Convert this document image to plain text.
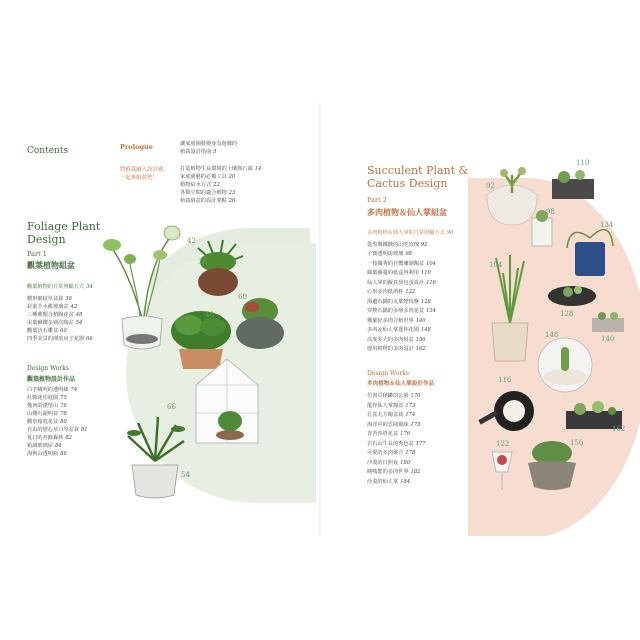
Contents	Prologue	讓家庭園藝變身為遊戲的
植栽設計指南 5
將植栽融入設計感，
一起來組盆吧！
打造植物生長環境的土壤與石頭 14
家庭園藝的必備工具 20
植物給水方式 22
各類空間的適合植物 23
植栽組盆的設計要點 26
Foliage Plant
Design
Part 1
觀葉植物組盆
觀葉植物的日常照顧方式 34
樹形網紋草盆栽 36
彩葉芋水耕玻璃盆 42
三種蕨類合植陶花盆 48
美葉蘇鐵多層次陶盆 54
觀葉仿石雕盆 60
四季美景的開放房子花器 66
Design Works
觀葉植物設計作品
白芋曦咬的透明缽 74
紅脈迷你庭園 75
幾何的漢堡山 76
山側石頭明盆 78
觀草箱庭花盆 80
自由的戀心草口琴盆栽 81
夏日的苔蘚森林 82
箱讀玻璃屋 84
海狗山透明瓶 86
42
36
48
60
66
54
Succulent Plant &
Cactus Design
Part 2
多肉植物＆仙人掌組盆
多肉植物＆仙人掌的日常照顧方式 90
從黑盤鐵戲的山吃玫瑰 92
子寶透明街玻璃 98
一枝獨秀的自嚮珊瑚陶盆 104
綠葉藤蔓的紙盒再利用 110
仙人掌的擬真荷包蛋設計 116
心形多肉紙酒杯 122
海邊石鍋的丸葉煙枝盤 128
穿梭石鍋的多層多肉花盆 134
佛羅紀多肉合植世界 140
多肉＆仙人掌迷你花園 148
高度差大的多肉組盆 156
運用柑橙的多肉設計 162
Design Works
多肉植物＆仙人掌設計作品
仿書頁積罐的公園 170
龍骨仙人掌陶盆 173
孔雀丸方陶盆栽 174
海洋中的雲岡風味 175
青苔莎塔花盆 176
岩石山生長的秀色盆 177
可愛的多肉聚合 178
沙漠的日照夜 180
映嗎能的多肉世界 182
沙漠的仙人掌 184
92
110
98
134
104
128
140
148
116
122	156
162
